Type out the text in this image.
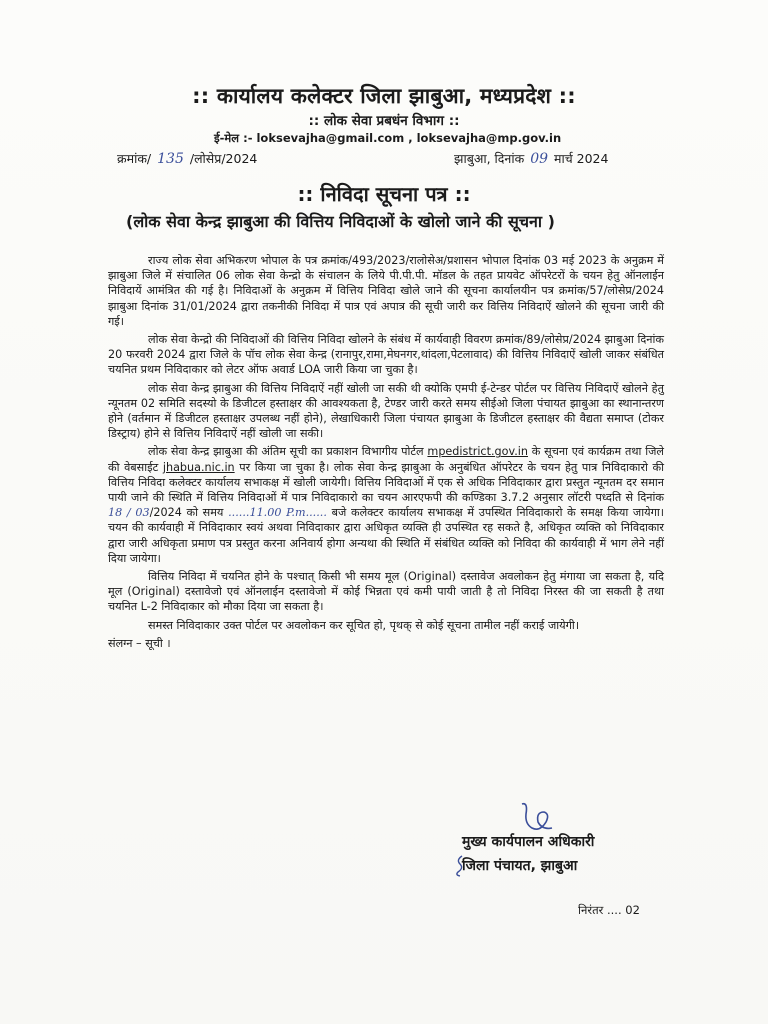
:: कार्यालय कलेक्टर जिला झाबुआ, मध्यप्रदेश ::
:: लोक सेवा प्रबधंन विभाग ::
ई-मेल :- loksevajha@gmail.com , loksevajha@mp.gov.in
क्रमांक/ 135 /लोसेप्र/2024	झाबुआ, दिनांक 09 मार्च 2024
:: निविदा सूचना पत्र ::
(लोक सेवा केन्द्र झाबुआ की वित्तिय निविदाओं के खोलो जाने की सूचना )

राज्य लोक सेवा अभिकरण भोपाल के पत्र क्रमांक/493/2023/रालोसेअ/प्रशासन भोपाल दिनांक 03 मई 2023 के अनुक्रम में झाबुआ जिले में संचालित 06 लोक सेवा केन्द्रो के संचालन के लिये पी.पी.पी. मॉडल के तहत प्रायवेट ऑपरेटरों के चयन हेतु ऑनलाईन निविदायें आमंत्रित की गई है। निविदाओं के अनुक्रम में वित्तिय निविदा खोले जाने की सूचना कार्यालयीन पत्र क्रमांक/57/लोसेप्र/2024 झाबुआ दिनांक 31/01/2024 द्वारा तकनीकी निविदा में पात्र एवं अपात्र की सूची जारी कर वित्तिय निविदाऐं खोलने की सूचना जारी की गई।

लोक सेवा केन्द्रो की निविदाओं की वित्तिय निविदा खोलने के संबंध में कार्यवाही विवरण क्रमांक/89/लोसेप्र/2024 झाबुआ दिनांक 20 फरवरी 2024 द्वारा जिले के पॉच लोक सेवा केन्द्र (रानापुर,रामा,मेघनगर,थांदला,पेटलावाद) की वित्तिय निविदाऐं खोली जाकर संबंधित चयनित प्रथम निविदाकार को लेटर ऑफ अवार्ड LOA जारी किया जा चुका है।

लोक सेवा केन्द्र झाबुआ की वित्तिय निविदाऐं नहीं खोली जा सकी थी क्योकि एमपी ई-टेन्डर पोर्टल पर वित्तिय निविदाऐं खोलने हेतु न्यूनतम 02 समिति सदस्यो के डिजीटल हस्ताक्षर की आवश्यकता है, टेण्डर जारी करते समय सीईओ जिला पंचायत झाबुआ का स्थानान्तरण होने (वर्तमान में डिजीटल हस्ताक्षर उपलब्ध नहीं होने), लेखाधिकारी जिला पंचायत झाबुआ के डिजीटल हस्ताक्षर की वैद्यता समाप्त (टोकर डिस्ट्राय) होने से वित्तिय निविदाऐं नहीं खोली जा सकी।

लोक सेवा केन्द्र झाबुआ की अंतिम सूची का प्रकाशन विभागीय पोर्टल mpedistrict.gov.in के सूचना एवं कार्यक्रम तथा जिले की वेबसाईट jhabua.nic.in पर किया जा चुका है। लोक सेवा केन्द्र झाबुआ के अनुबंधित ऑपरेटर के चयन हेतु पात्र निविदाकारो की वित्तिय निविदा कलेक्टर कार्यालय सभाकक्ष में खोली जायेगी। वित्तिय निविदाओं में एक से अधिक निविदाकार द्वारा प्रस्तुत न्यूनतम दर समान पायी जाने की स्थिति में वित्तिय निविदाओं में पात्र निविदाकारो का चयन आरएफपी की कण्डिका 3.7.2 अनुसार लॉटरी पध्दति से दिनांक 18 / 03/2024 को समय ......11.00 P.m...... बजे कलेक्टर कार्यालय सभाकक्ष में उपस्थित निविदाकारो के समक्ष किया जायेगा। चयन की कार्यवाही में निविदाकार स्वयं अथवा निविदाकार द्वारा अधिकृत व्यक्ति ही उपस्थित रह सकते है, अधिकृत व्यक्ति को निविदाकार द्वारा जारी अधिकृता प्रमाण पत्र प्रस्तुत करना अनिवार्य होगा अन्यथा की स्थिति में संबंधित व्यक्ति को निविदा की कार्यवाही में भाग लेने नहीं दिया जायेगा।

वित्तिय निविदा में चयनित होने के पश्चात् किसी भी समय मूल (Original) दस्तावेज अवलोकन हेतु मंगाया जा सकता है, यदि मूल (Original) दस्तावेजो एवं ऑनलाईन दस्तावेजो में कोई भिन्नता एवं कमी पायी जाती है तो निविदा निरस्त की जा सकती है तथा चयनित L-2 निविदाकार को मौका दिया जा सकता है।

समस्त निविदाकार उक्त पोर्टल पर अवलोकन कर सूचित हो, पृथक् से कोई सूचना तामील नहीं कराई जायेगी।

संलग्न – सूची ।

मुख्य कार्यपालन अधिकारी
जिला पंचायत, झाबुआ
निरंतर .... 02
